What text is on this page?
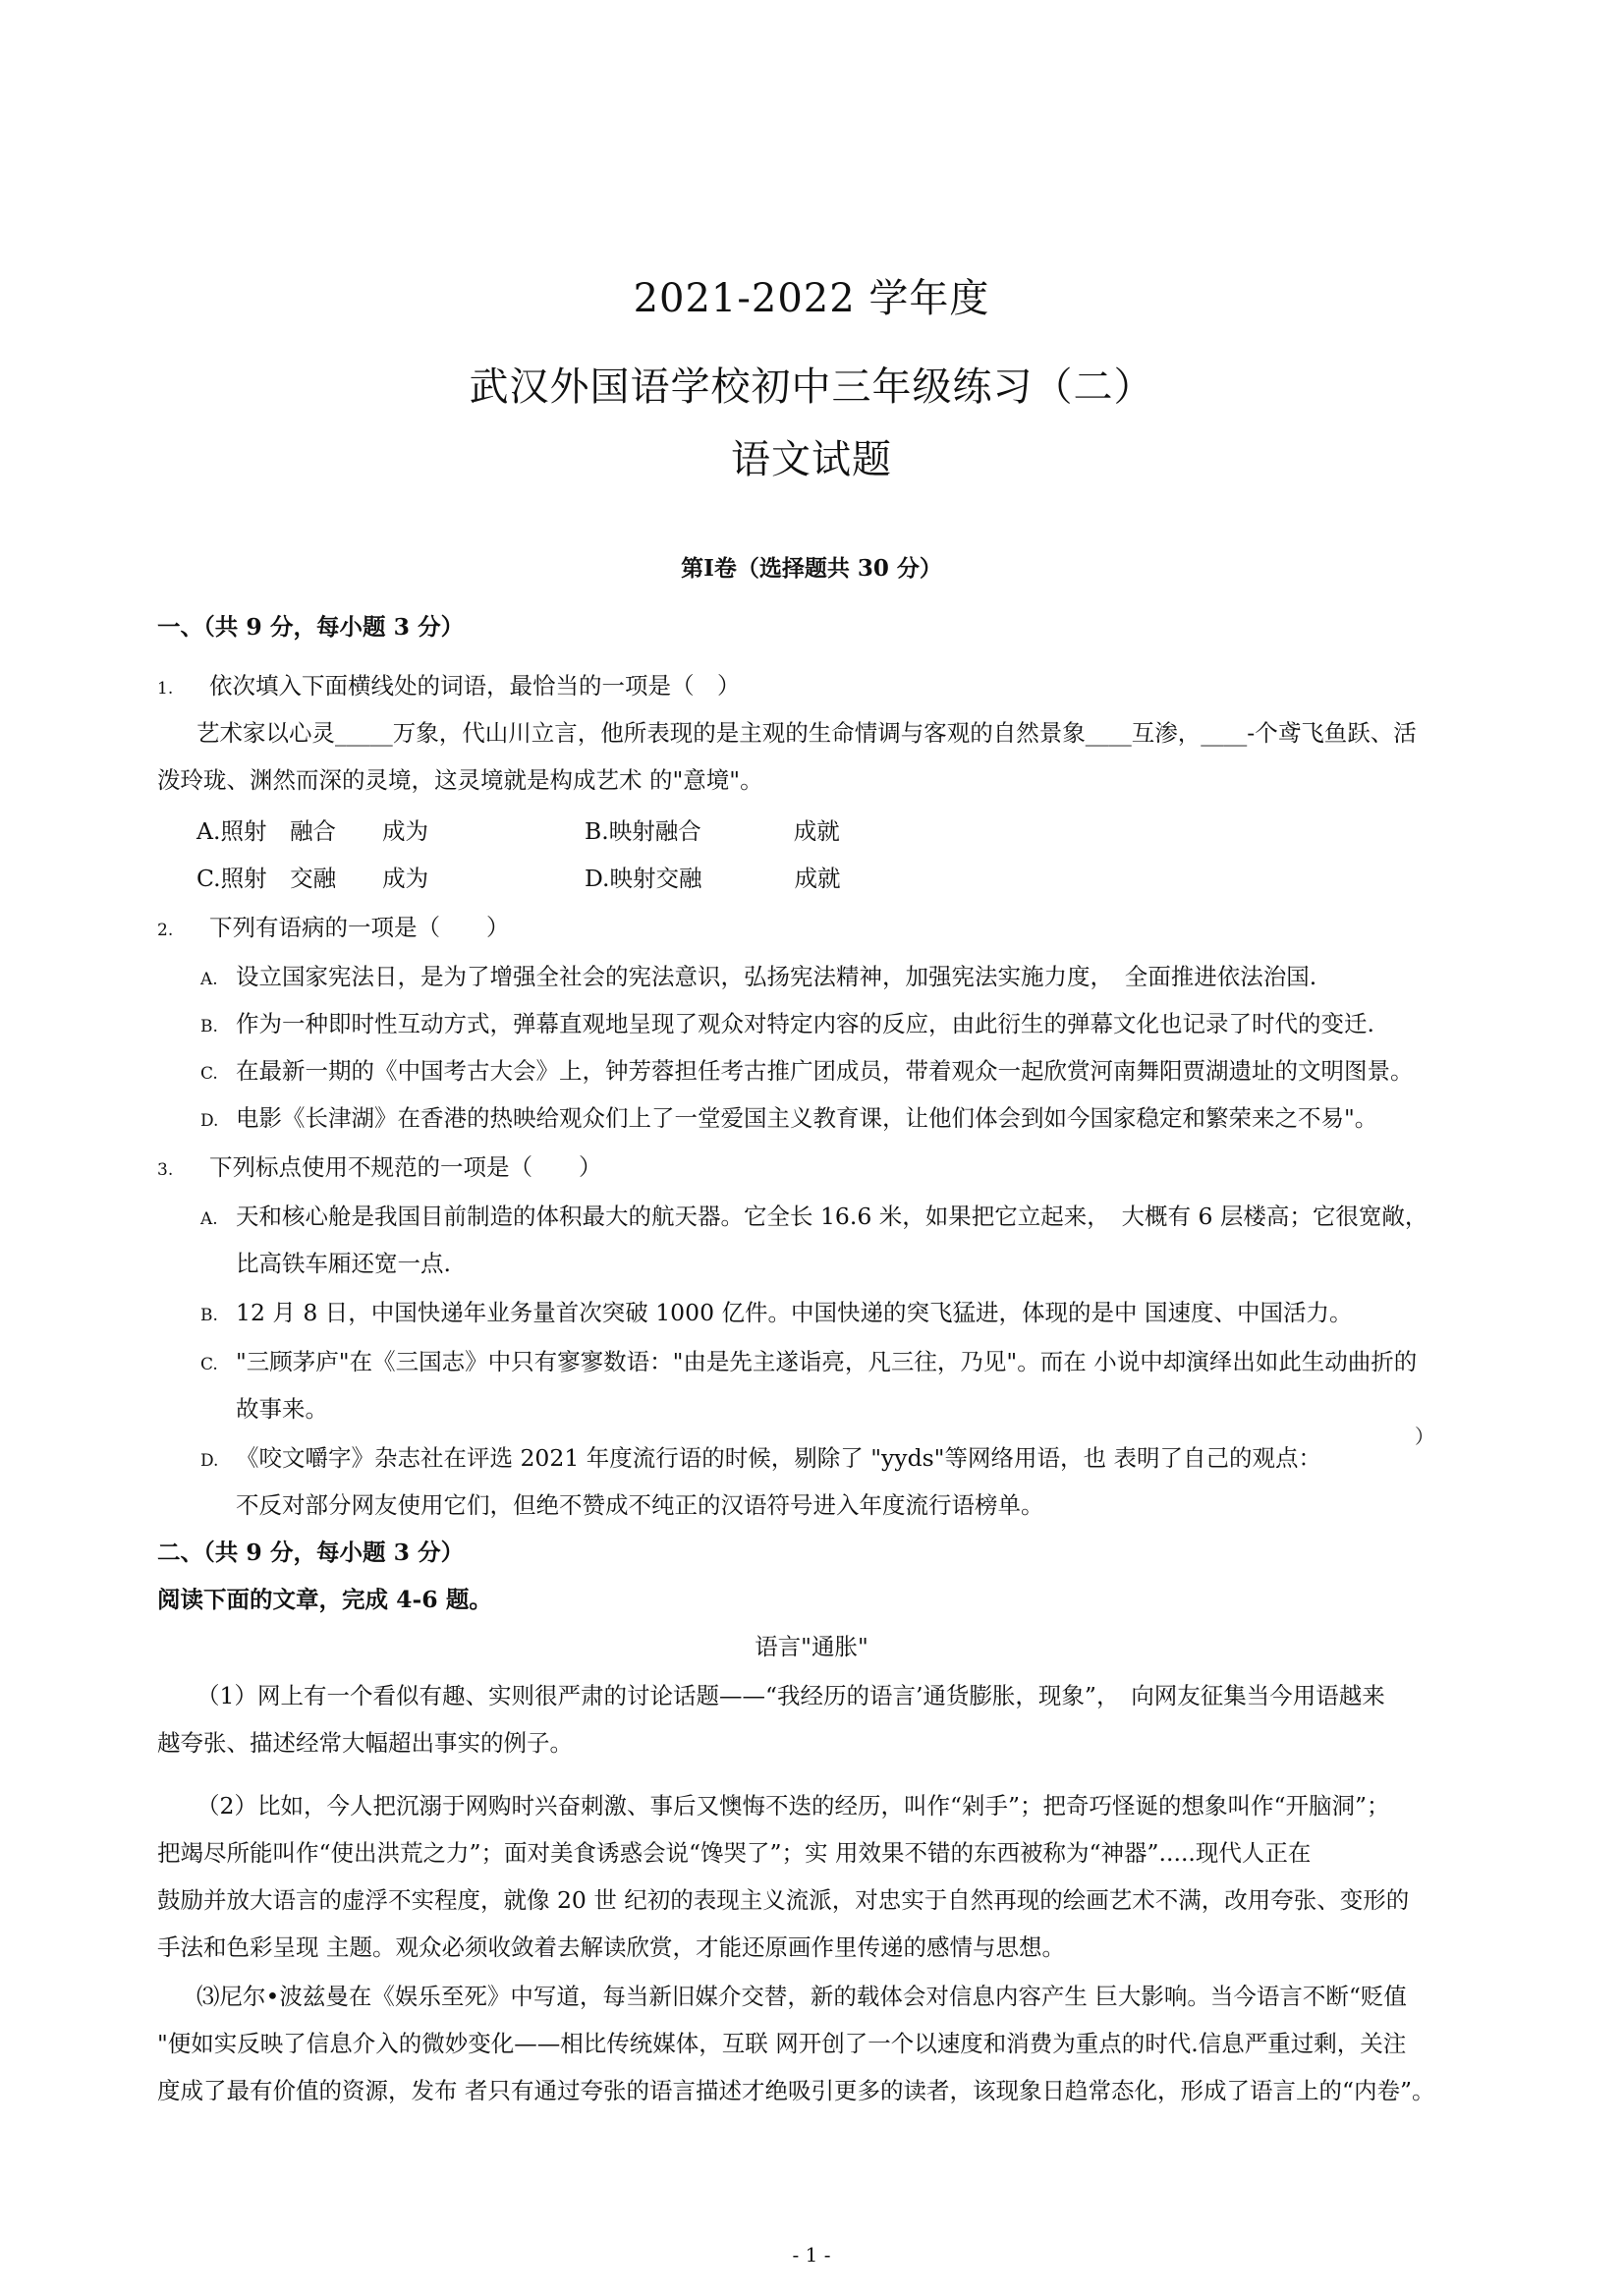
2021-2022 学年度
武汉外国语学校初中三年级练习（二）
语文试题
第Ⅰ卷（选择题共 30 分）
一、（共 9 分，每小题 3 分）
1. 依次填入下面横线处的词语，最恰当的一项是（　）
艺术家以心灵_____万象，代山川立言，他所表现的是主观的生命情调与客观的自然景象____互渗，____-个鸢飞鱼跃、活
泼玲珑、渊然而深的灵境，这灵境就是构成艺术 的"意境"。
A.照射　融合　　成为	B.映射融合　　　　成就
C.照射　交融　　成为	D.映射交融　　　　成就
2. 下列有语病的一项是（　　）
A. 设立国家宪法日，是为了增强全社会的宪法意识，弘扬宪法精神，加强宪法实施力度，　全面推进依法治国.
B. 作为一种即时性互动方式，弹幕直观地呈现了观众对特定内容的反应，由此衍生的弹幕文化也记录了时代的变迁.
C. 在最新一期的《中国考古大会》上，钟芳蓉担任考古推广团成员，带着观众一起欣赏河南舞阳贾湖遗址的文明图景。
D. 电影《长津湖》在香港的热映给观众们上了一堂爱国主义教育课，让他们体会到如今国家稳定和繁荣来之不易"。
3. 下列标点使用不规范的一项是（　　）
A. 天和核心舱是我国目前制造的体积最大的航天器。它全长 16.6 米，如果把它立起来，　大概有 6 层楼高；它很宽敞，
比高铁车厢还宽一点.
B. 12 月 8 日，中国快递年业务量首次突破 1000 亿件。中国快递的突飞猛进，体现的是中 国速度、中国活力。
C. "三顾茅庐"在《三国志》中只有寥寥数语："由是先主遂诣亮，凡三往，乃见"。而在 小说中却演绎出如此生动曲折的
故事来。
D. 《咬文嚼字》杂志社在评选 2021 年度流行语的时候，剔除了 "yyds"等网络用语，也 表明了自己的观点：
）
不反对部分网友使用它们，但绝不赞成不纯正的汉语符号进入年度流行语榜单。
二、（共 9 分，每小题 3 分）
阅读下面的文章，完成 4-6 题。
语言"通胀"
（1）网上有一个看似有趣、实则很严肃的讨论话题——“我经历的语言’通货膨胀，现象”，　向网友征集当今用语越来
越夸张、描述经常大幅超出事实的例子。
（2）比如，今人把沉溺于网购时兴奋刺激、事后又懊悔不迭的经历，叫作“剁手”；把奇巧怪诞的想象叫作“开脑洞”；
把竭尽所能叫作“使出洪荒之力”；面对美食诱惑会说“馋哭了”；实 用效果不错的东西被称为“神器”.....现代人正在
鼓励并放大语言的虚浮不实程度，就像 20 世 纪初的表现主义流派，对忠实于自然再现的绘画艺术不满，改用夸张、变形的
手法和色彩呈现 主题。观众必须收敛着去解读欣赏，才能还原画作里传递的感情与思想。
⑶尼尔•波兹曼在《娱乐至死》中写道，每当新旧媒介交替，新的载体会对信息内容产生 巨大影响。当今语言不断“贬值
"便如实反映了信息介入的微妙变化——相比传统媒体，互联 网开创了一个以速度和消费为重点的时代.信息严重过剩，关注
度成了最有价值的资源，发布 者只有通过夸张的语言描述才绝吸引更多的读者，该现象日趋常态化，形成了语言上的“内卷”。
- 1 -
